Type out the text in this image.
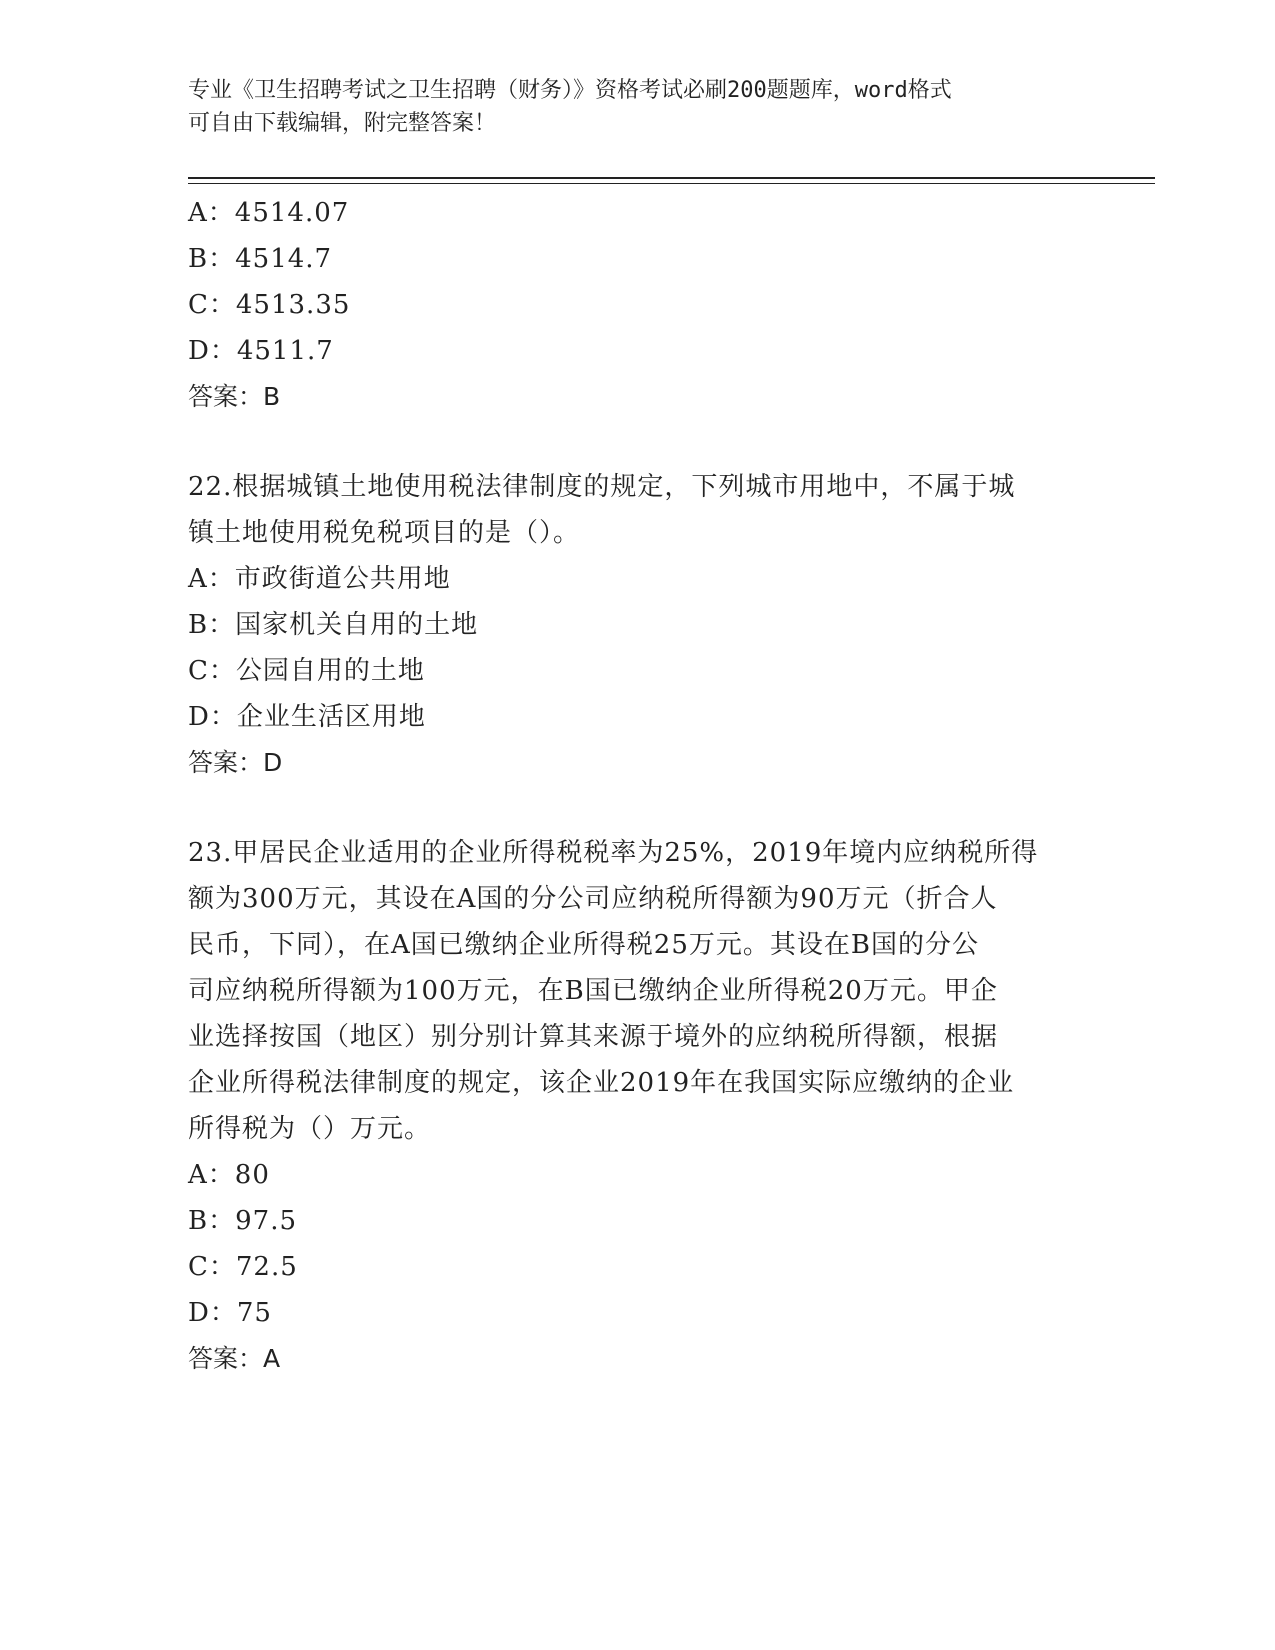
专业《卫生招聘考试之卫生招聘（财务）》资格考试必刷200题题库，word格式
可自由下载编辑，附完整答案！
A：4514.07
B：4514.7
C：4513.35
D：4511.7
答案：B
22.根据城镇土地使用税法律制度的规定，下列城市用地中，不属于城
镇土地使用税免税项目的是（）。
A：市政街道公共用地
B：国家机关自用的土地
C：公园自用的土地
D：企业生活区用地
答案：D
23.甲居民企业适用的企业所得税税率为25%，2019年境内应纳税所得
额为300万元，其设在A国的分公司应纳税所得额为90万元（折合人
民币，下同），在A国已缴纳企业所得税25万元。其设在B国的分公
司应纳税所得额为100万元，在B国已缴纳企业所得税20万元。甲企
业选择按国（地区）别分别计算其来源于境外的应纳税所得额，根据
企业所得税法律制度的规定，该企业2019年在我国实际应缴纳的企业
所得税为（）万元。
A：80
B：97.5
C：72.5
D：75
答案：A
